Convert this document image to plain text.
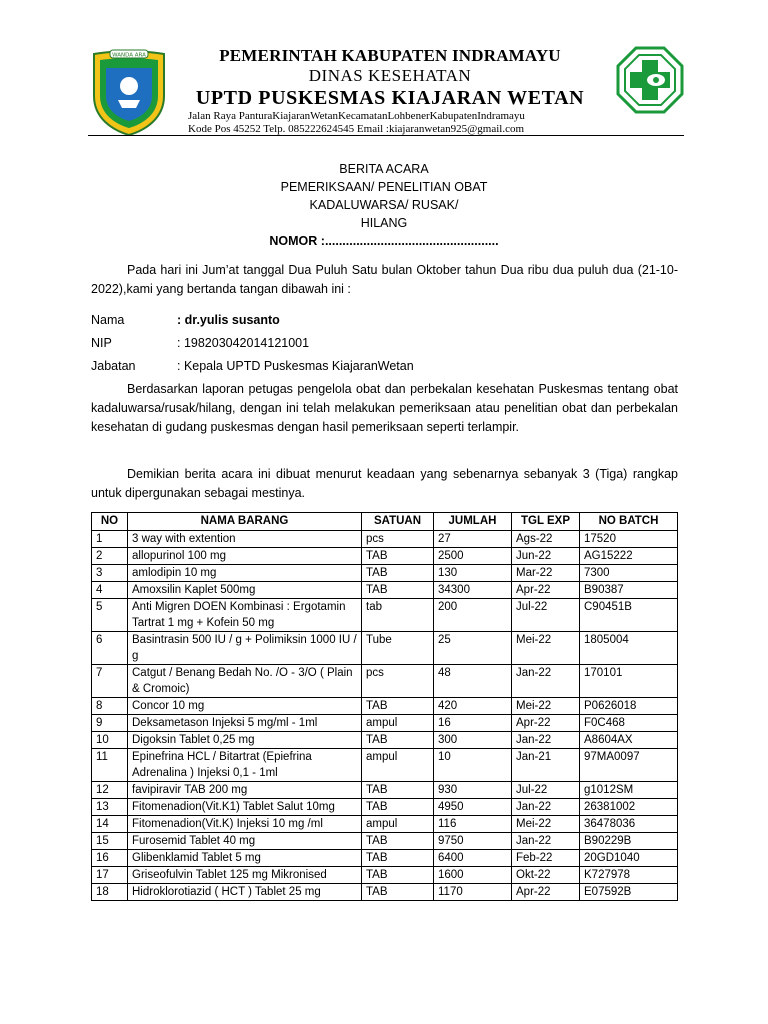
WANDA ARA	PEMERINTAH KABUPATEN INDRAMAYU
DINAS KESEHATAN
UPTD PUSKESMAS KIAJARAN WETAN
Jalan Raya PanturaKiajaranWetanKecamatanLohbenerKabupatenIndramayu
Kode Pos 45252 Telp. 085222624545 Email :kiajaranwetan925@gmail.com
BERITA ACARA
PEMERIKSAAN/ PENELITIAN OBAT
KADALUWARSA/ RUSAK/
HILANG
NOMOR :..................................................
Pada hari ini Jum’at tanggal Dua Puluh Satu bulan Oktober tahun Dua ribu dua puluh dua (21-10-2022),kami yang bertanda tangan dibawah ini :
Nama	: dr.yulis susanto
NIP	: 198203042014121001
Jabatan	: Kepala UPTD Puskesmas KiajaranWetan
Berdasarkan laporan petugas pengelola obat dan perbekalan kesehatan Puskesmas tentang obat kadaluwarsa/rusak/hilang, dengan ini telah melakukan pemeriksaan atau penelitian obat dan perbekalan kesehatan di gudang puskesmas dengan hasil pemeriksaan seperti terlampir.
Demikian berita acara ini dibuat menurut keadaan yang sebenarnya sebanyak 3 (Tiga) rangkap untuk dipergunakan sebagai mestinya.
NO	NAMA BARANG	SATUAN	JUMLAH	TGL EXP	NO BATCH
1	3 way with extention	pcs	27	Ags-22	17520
2	allopurinol 100 mg	TAB	2500	Jun-22	AG15222
3	amlodipin 10 mg	TAB	130	Mar-22	7300
4	Amoxsilin Kaplet 500mg	TAB	34300	Apr-22	B90387
5	Anti Migren DOEN Kombinasi : Ergotamin Tartrat 1 mg + Kofein 50 mg	tab	200	Jul-22	C90451B
6	Basintrasin 500 IU / g + Polimiksin 1000 IU / g	Tube	25	Mei-22	1805004
7	Catgut / Benang Bedah No. /O - 3/O ( Plain & Cromoic)	pcs	48	Jan-22	170101
8	Concor 10 mg	TAB	420	Mei-22	P0626018
9	Deksametason Injeksi 5 mg/ml - 1ml	ampul	16	Apr-22	F0C468
10	Digoksin Tablet 0,25 mg	TAB	300	Jan-22	A8604AX
11	Epinefrina HCL / Bitartrat (Epiefrina Adrenalina ) Injeksi 0,1 - 1ml	ampul	10	Jan-21	97MA0097
12	favipiravir TAB 200 mg	TAB	930	Jul-22	g1012SM
13	Fitomenadion(Vit.K1) Tablet Salut 10mg	TAB	4950	Jan-22	26381002
14	Fitomenadion(Vit.K) Injeksi 10 mg /ml	ampul	116	Mei-22	36478036
15	Furosemid Tablet 40 mg	TAB	9750	Jan-22	B90229B
16	Glibenklamid Tablet 5 mg	TAB	6400	Feb-22	20GD1040
17	Griseofulvin Tablet 125 mg Mikronised	TAB	1600	Okt-22	K727978
18	Hidroklorotiazid ( HCT ) Tablet 25 mg	TAB	1170	Apr-22	E07592B
